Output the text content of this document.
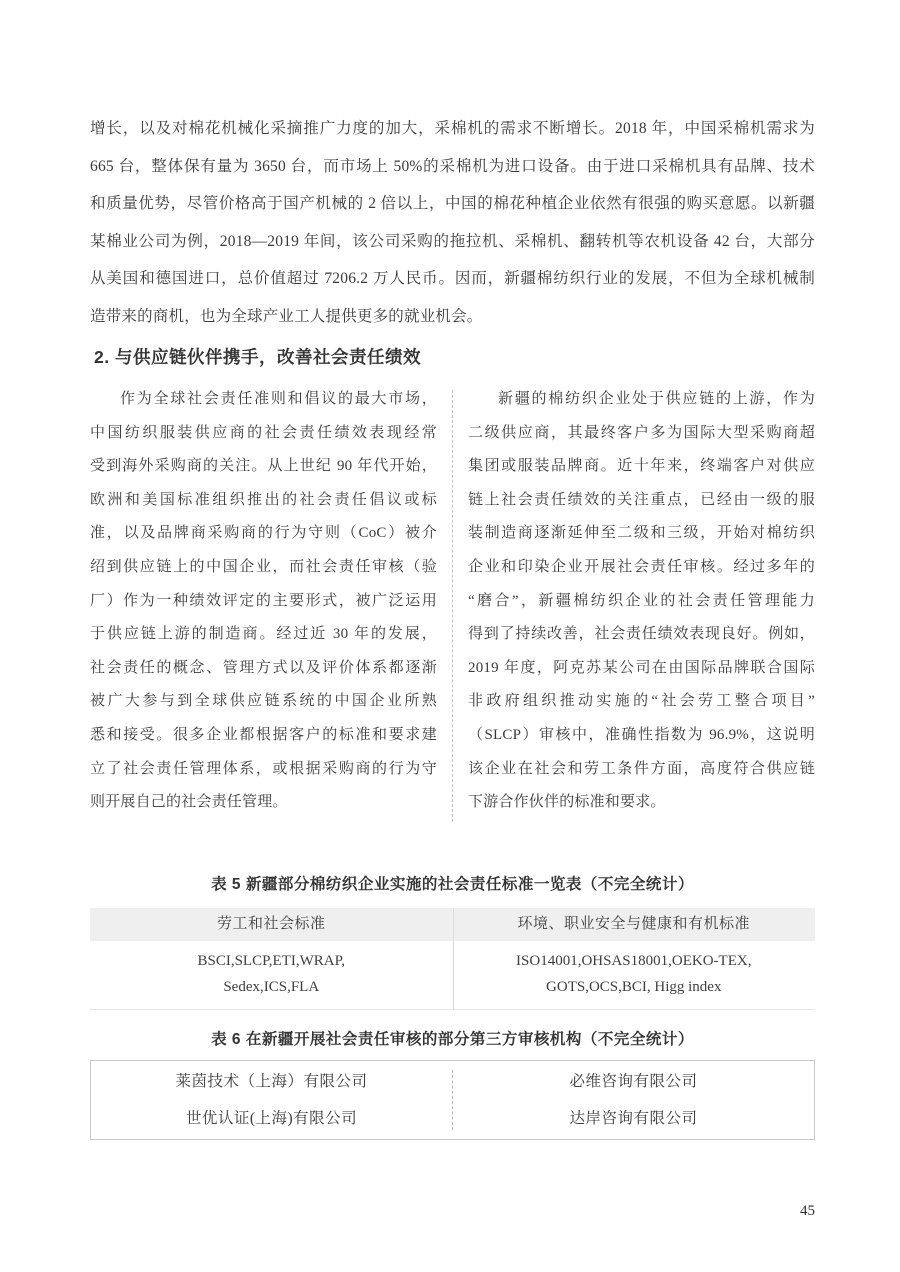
增长，以及对棉花机械化采摘推广力度的加大，采棉机的需求不断增长。2018 年，中国采棉机需求为
665 台，整体保有量为 3650 台，而市场上 50%的采棉机为进口设备。由于进口采棉机具有品牌、技术
和质量优势，尽管价格高于国产机械的 2 倍以上，中国的棉花种植企业依然有很强的购买意愿。以新疆
某棉业公司为例，2018—2019 年间，该公司采购的拖拉机、采棉机、翻转机等农机设备 42 台，大部分
从美国和德国进口，总价值超过 7206.2 万人民币。因而，新疆棉纺织行业的发展，不但为全球机械制
造带来的商机，也为全球产业工人提供更多的就业机会。
2. 与供应链伙伴携手，改善社会责任绩效
作为全球社会责任准则和倡议的最大市场，
中国纺织服装供应商的社会责任绩效表现经常
受到海外采购商的关注。从上世纪 90 年代开始，
欧洲和美国标准组织推出的社会责任倡议或标
准，以及品牌商采购商的行为守则（CoC）被介
绍到供应链上的中国企业，而社会责任审核（验
厂）作为一种绩效评定的主要形式，被广泛运用
于供应链上游的制造商。经过近 30 年的发展，
社会责任的概念、管理方式以及评价体系都逐渐
被广大参与到全球供应链系统的中国企业所熟
悉和接受。很多企业都根据客户的标准和要求建
立了社会责任管理体系，或根据采购商的行为守
则开展自己的社会责任管理。
新疆的棉纺织企业处于供应链的上游，作为
二级供应商，其最终客户多为国际大型采购商超
集团或服装品牌商。近十年来，终端客户对供应
链上社会责任绩效的关注重点，已经由一级的服
装制造商逐渐延伸至二级和三级，开始对棉纺织
企业和印染企业开展社会责任审核。经过多年的
“磨合”，新疆棉纺织企业的社会责任管理能力
得到了持续改善，社会责任绩效表现良好。例如，
2019 年度，阿克苏某公司在由国际品牌联合国际
非政府组织推动实施的“社会劳工整合项目”
（SLCP）审核中，准确性指数为 96.9%，这说明
该企业在社会和劳工条件方面，高度符合供应链
下游合作伙伴的标准和要求。
表 5 新疆部分棉纺织企业实施的社会责任标准一览表（不完全统计）
劳工和社会标准	环境、职业安全与健康和有机标准
BSCI,SLCP,ETI,WRAP,
Sedex,ICS,FLA
ISO14001,OHSAS18001,OEKO-TEX,
GOTS,OCS,BCI, Higg index
表 6 在新疆开展社会责任审核的部分第三方审核机构（不完全统计）
莱茵技术（上海）有限公司
世优认证(上海)有限公司
必维咨询有限公司
达岸咨询有限公司
45
